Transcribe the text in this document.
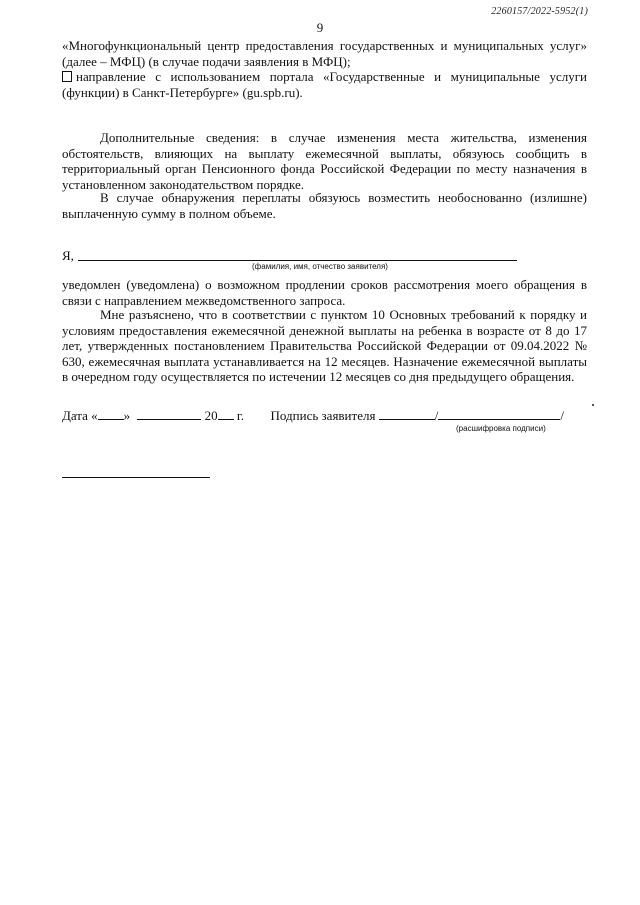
2260157/2022-5952(1)
9

«Многофункциональный центр предоставления государственных и муниципальных услуг» (далее – МФЦ) (в случае подачи заявления в МФЦ);

направление с использованием портала «Государственные и муниципальные услуги (функции) в Санкт-Петербурге» (gu.spb.ru).

Дополнительные сведения: в случае изменения места жительства, изменения обстоятельств, влияющих на выплату ежемесячной выплаты, обязуюсь сообщить в территориальный орган Пенсионного фонда Российской Федерации по месту назначения в установленном законодательством порядке.

В случае обнаружения переплаты обязуюсь возместить необоснованно (излишне) выплаченную сумму в полном объеме.

Я,
(фамилия, имя, отчество заявителя)

уведомлен (уведомлена) о возможном продлении сроков рассмотрения моего обращения в связи с направлением межведомственного запроса.

Мне разъяснено, что в соответствии с пунктом 10 Основных требований к порядку и условиям предоставления ежемесячной денежной выплаты на ребенка в возрасте от 8 до 17 лет, утвержденных постановлением Правительства Российской Федерации от 09.04.2022 № 630, ежемесячная выплата устанавливается на 12 месяцев. Назначение ежемесячной выплаты в очередном году осуществляется по истечении 12 месяцев со дня предыдущего обращения.

Дата « »	20 г. Подпись заявителя	/	/
(расшифровка подписи)
